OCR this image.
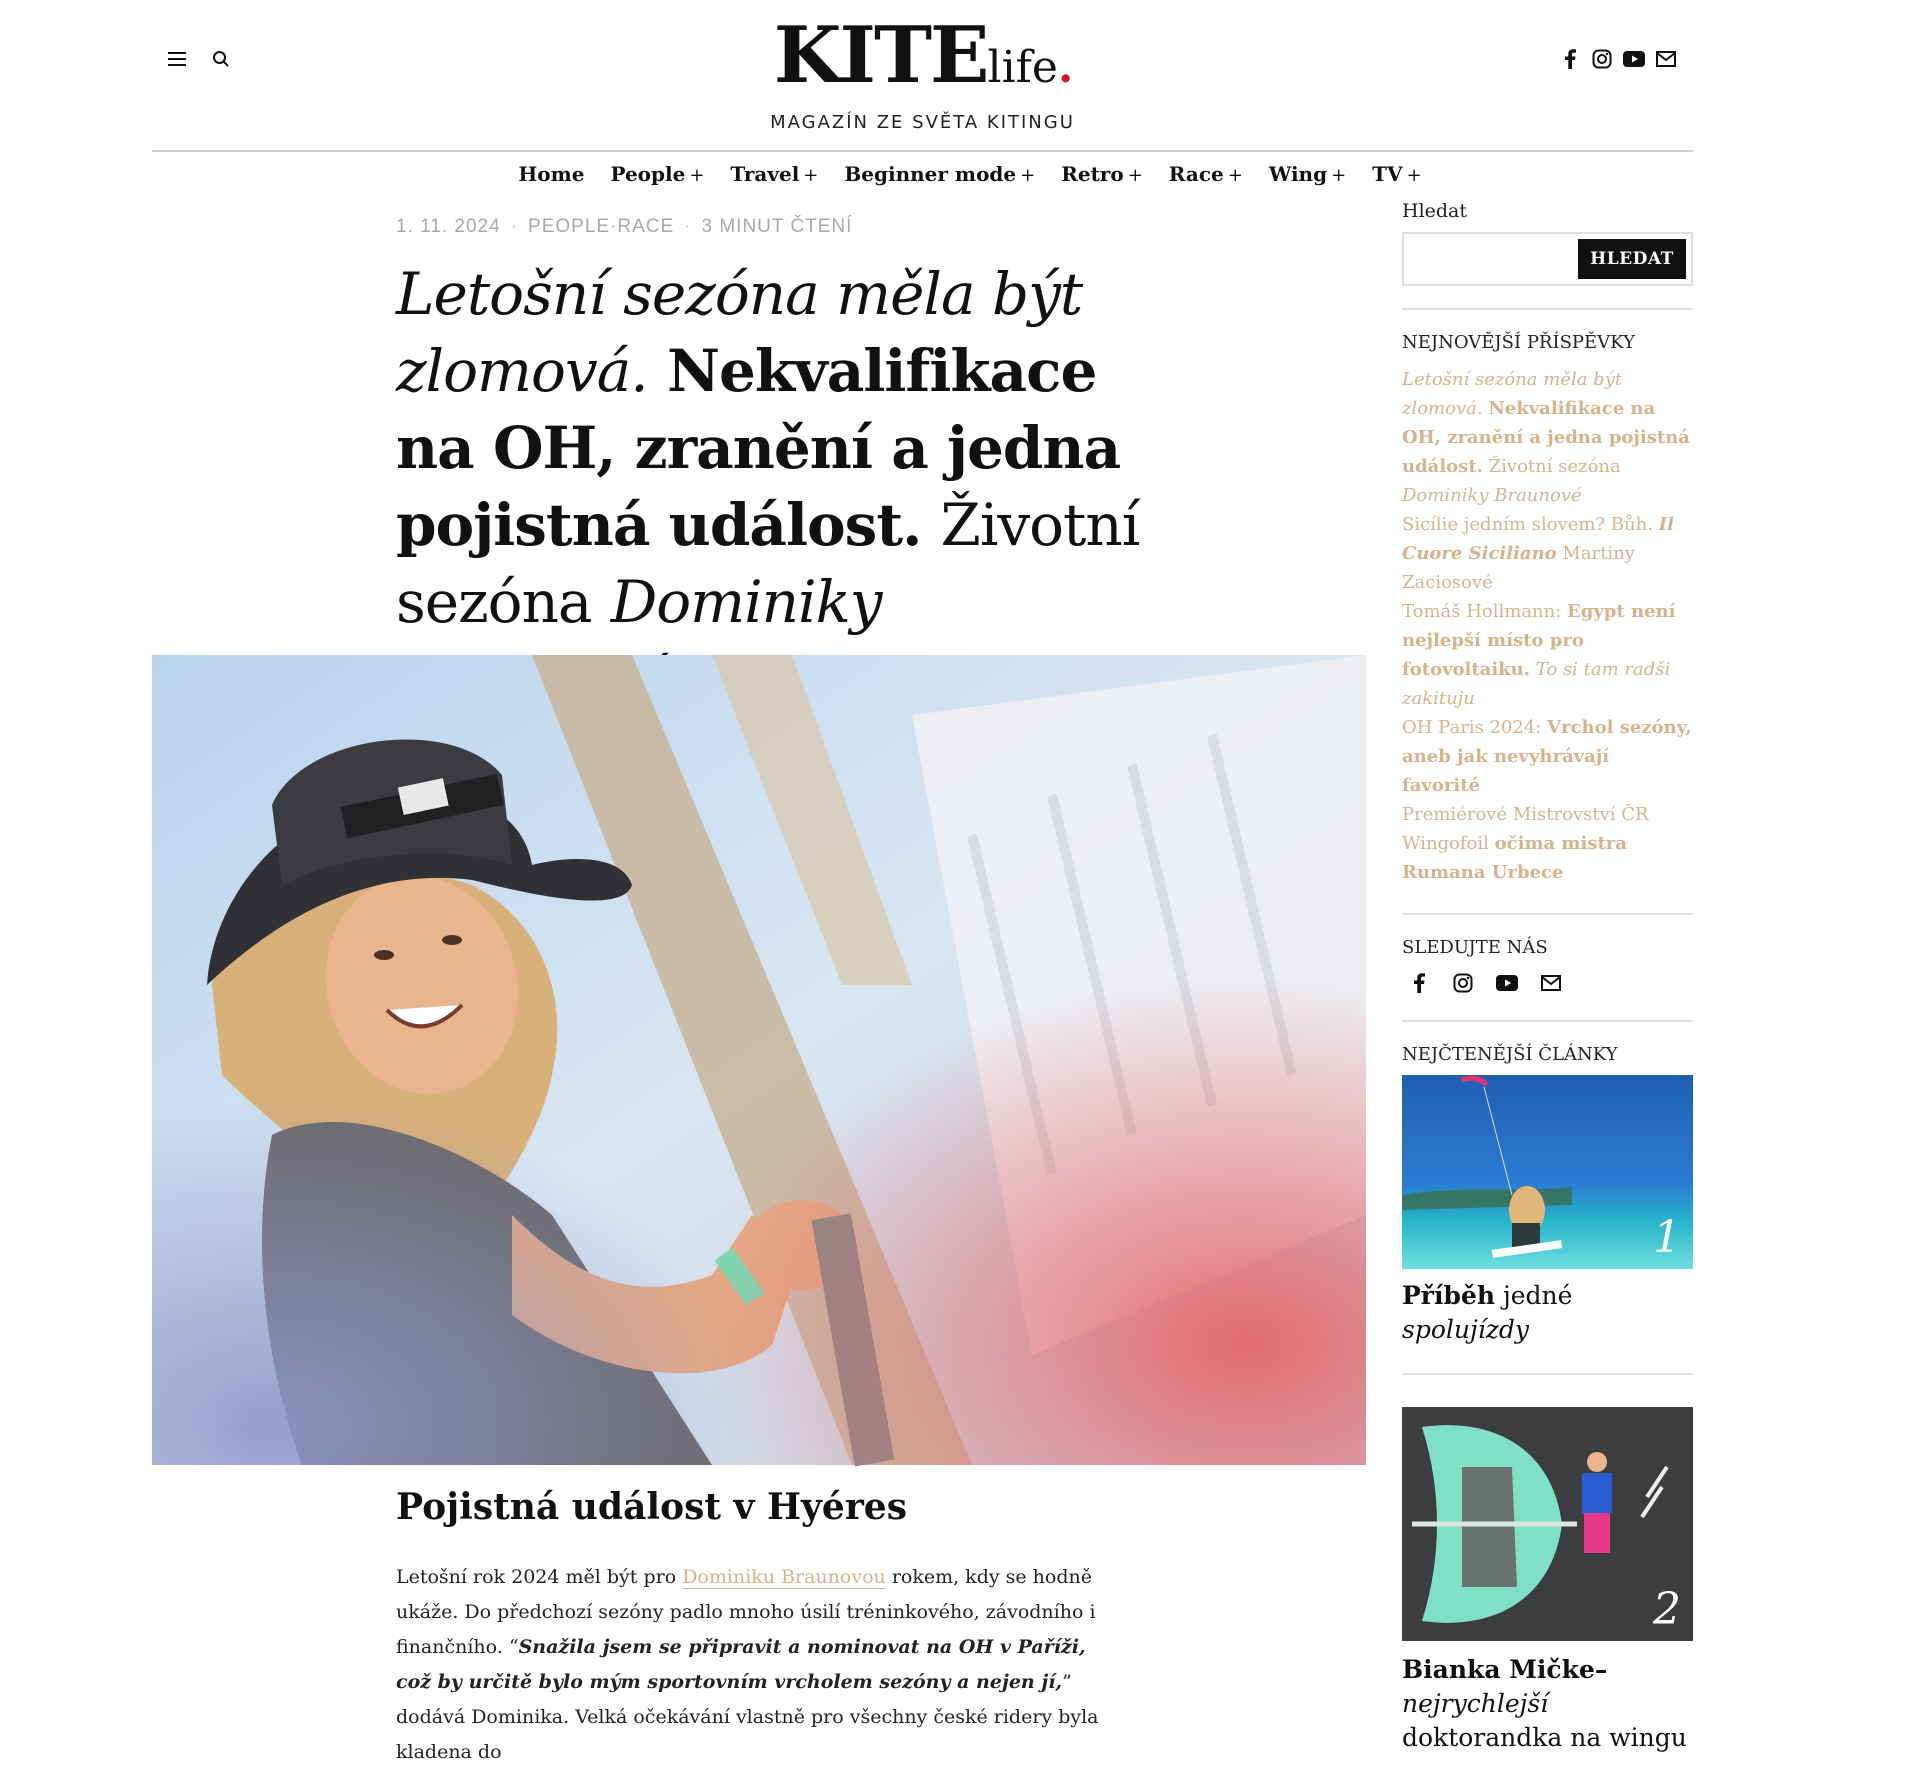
KITElife.
MAGAZÍN ZE SVĚTA KITINGU
Home People + Travel + Beginner mode + Retro + Race + Wing + TV +
1. 11. 2024 · PEOPLE·RACE · 3 MINUT ČTENÍ
Letošní sezóna měla být zlomová. Nekvalifikace na OH, zranění a jedna pojistná událost. Životní sezóna Dominiky
Pojistná událost v Hyéres
Letošní rok 2024 měl být pro Dominiku Braunovou rokem, kdy se hodně ukáže. Do předchozí sezóny padlo mnoho úsilí tréninkového, závodního i finančního. “Snažila jsem se připravit a nominovat na OH v Paříži, což by určitě bylo mým sportovním vrcholem sezóny a nejen jí,” dodává Dominika. Velká očekávání vlastně pro všechny české ridery byla kladena do
Hledat
HLEDAT
NEJNOVĚJŠÍ PŘÍSPĚVKY
Letošní sezóna měla být zlomová. Nekvalifikace na OH, zranění a jedna pojistná událost. Životní sezóna Dominiky Braunové
Sicílie jedním slovem? Bůh. Il Cuore Siciliano Martiny Zaciosové
Tomáš Hollmann: Egypt není nejlepší místo pro fotovoltaiku. To si tam radši zakituju
OH Paris 2024: Vrchol sezóny, aneb jak nevyhrávají favorité
Premiérové Mistrovství ČR Wingofoil očima mistra Rumana Urbece
SLEDUJTE NÁS
NEJČTENĚJŠÍ ČLÁNKY
1
Příběh jedné spolujízdy
2
Bianka Mičke–
nejrychlejší doktorandka na wingu
